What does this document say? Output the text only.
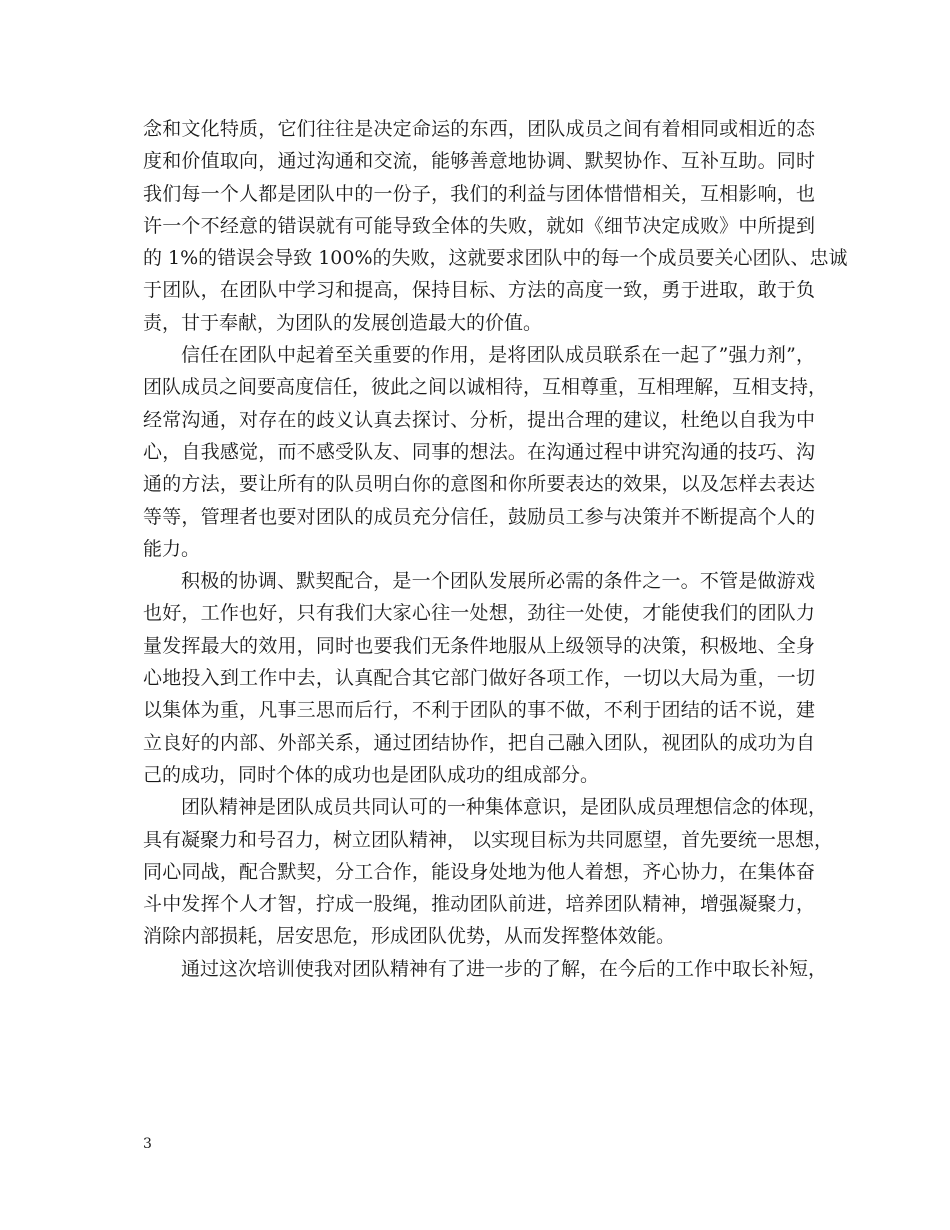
念和文化特质，它们往往是决定命运的东西，团队成员之间有着相同或相近的态
度和价值取向，通过沟通和交流，能够善意地协调、默契协作、互补互助。同时
我们每一个人都是团队中的一份子，我们的利益与团体惜惜相关，互相影响，也
许一个不经意的错误就有可能导致全体的失败，就如《细节决定成败》中所提到
的 1%的错误会导致 100%的失败，这就要求团队中的每一个成员要关心团队、忠诚
于团队，在团队中学习和提高，保持目标、方法的高度一致，勇于进取，敢于负
责，甘于奉献，为团队的发展创造最大的价值。
信任在团队中起着至关重要的作用，是将团队成员联系在一起了”强力剂”，
团队成员之间要高度信任，彼此之间以诚相待，互相尊重，互相理解，互相支持，
经常沟通，对存在的歧义认真去探讨、分析，提出合理的建议，杜绝以自我为中
心，自我感觉，而不感受队友、同事的想法。在沟通过程中讲究沟通的技巧、沟
通的方法，要让所有的队员明白你的意图和你所要表达的效果，以及怎样去表达
等等，管理者也要对团队的成员充分信任，鼓励员工参与决策并不断提高个人的
能力。
积极的协调、默契配合，是一个团队发展所必需的条件之一。不管是做游戏
也好，工作也好，只有我们大家心往一处想，劲往一处使，才能使我们的团队力
量发挥最大的效用，同时也要我们无条件地服从上级领导的决策，积极地、全身
心地投入到工作中去，认真配合其它部门做好各项工作，一切以大局为重，一切
以集体为重，凡事三思而后行，不利于团队的事不做，不利于团结的话不说，建
立良好的内部、外部关系，通过团结协作，把自己融入团队，视团队的成功为自
己的成功，同时个体的成功也是团队成功的组成部分。
团队精神是团队成员共同认可的一种集体意识，是团队成员理想信念的体现，
具有凝聚力和号召力，树立团队精神， 以实现目标为共同愿望，首先要统一思想，
同心同战，配合默契，分工合作，能设身处地为他人着想，齐心协力，在集体奋
斗中发挥个人才智，拧成一股绳，推动团队前进，培养团队精神，增强凝聚力，
消除内部损耗，居安思危，形成团队优势，从而发挥整体效能。
通过这次培训使我对团队精神有了进一步的了解，在今后的工作中取长补短，
3
